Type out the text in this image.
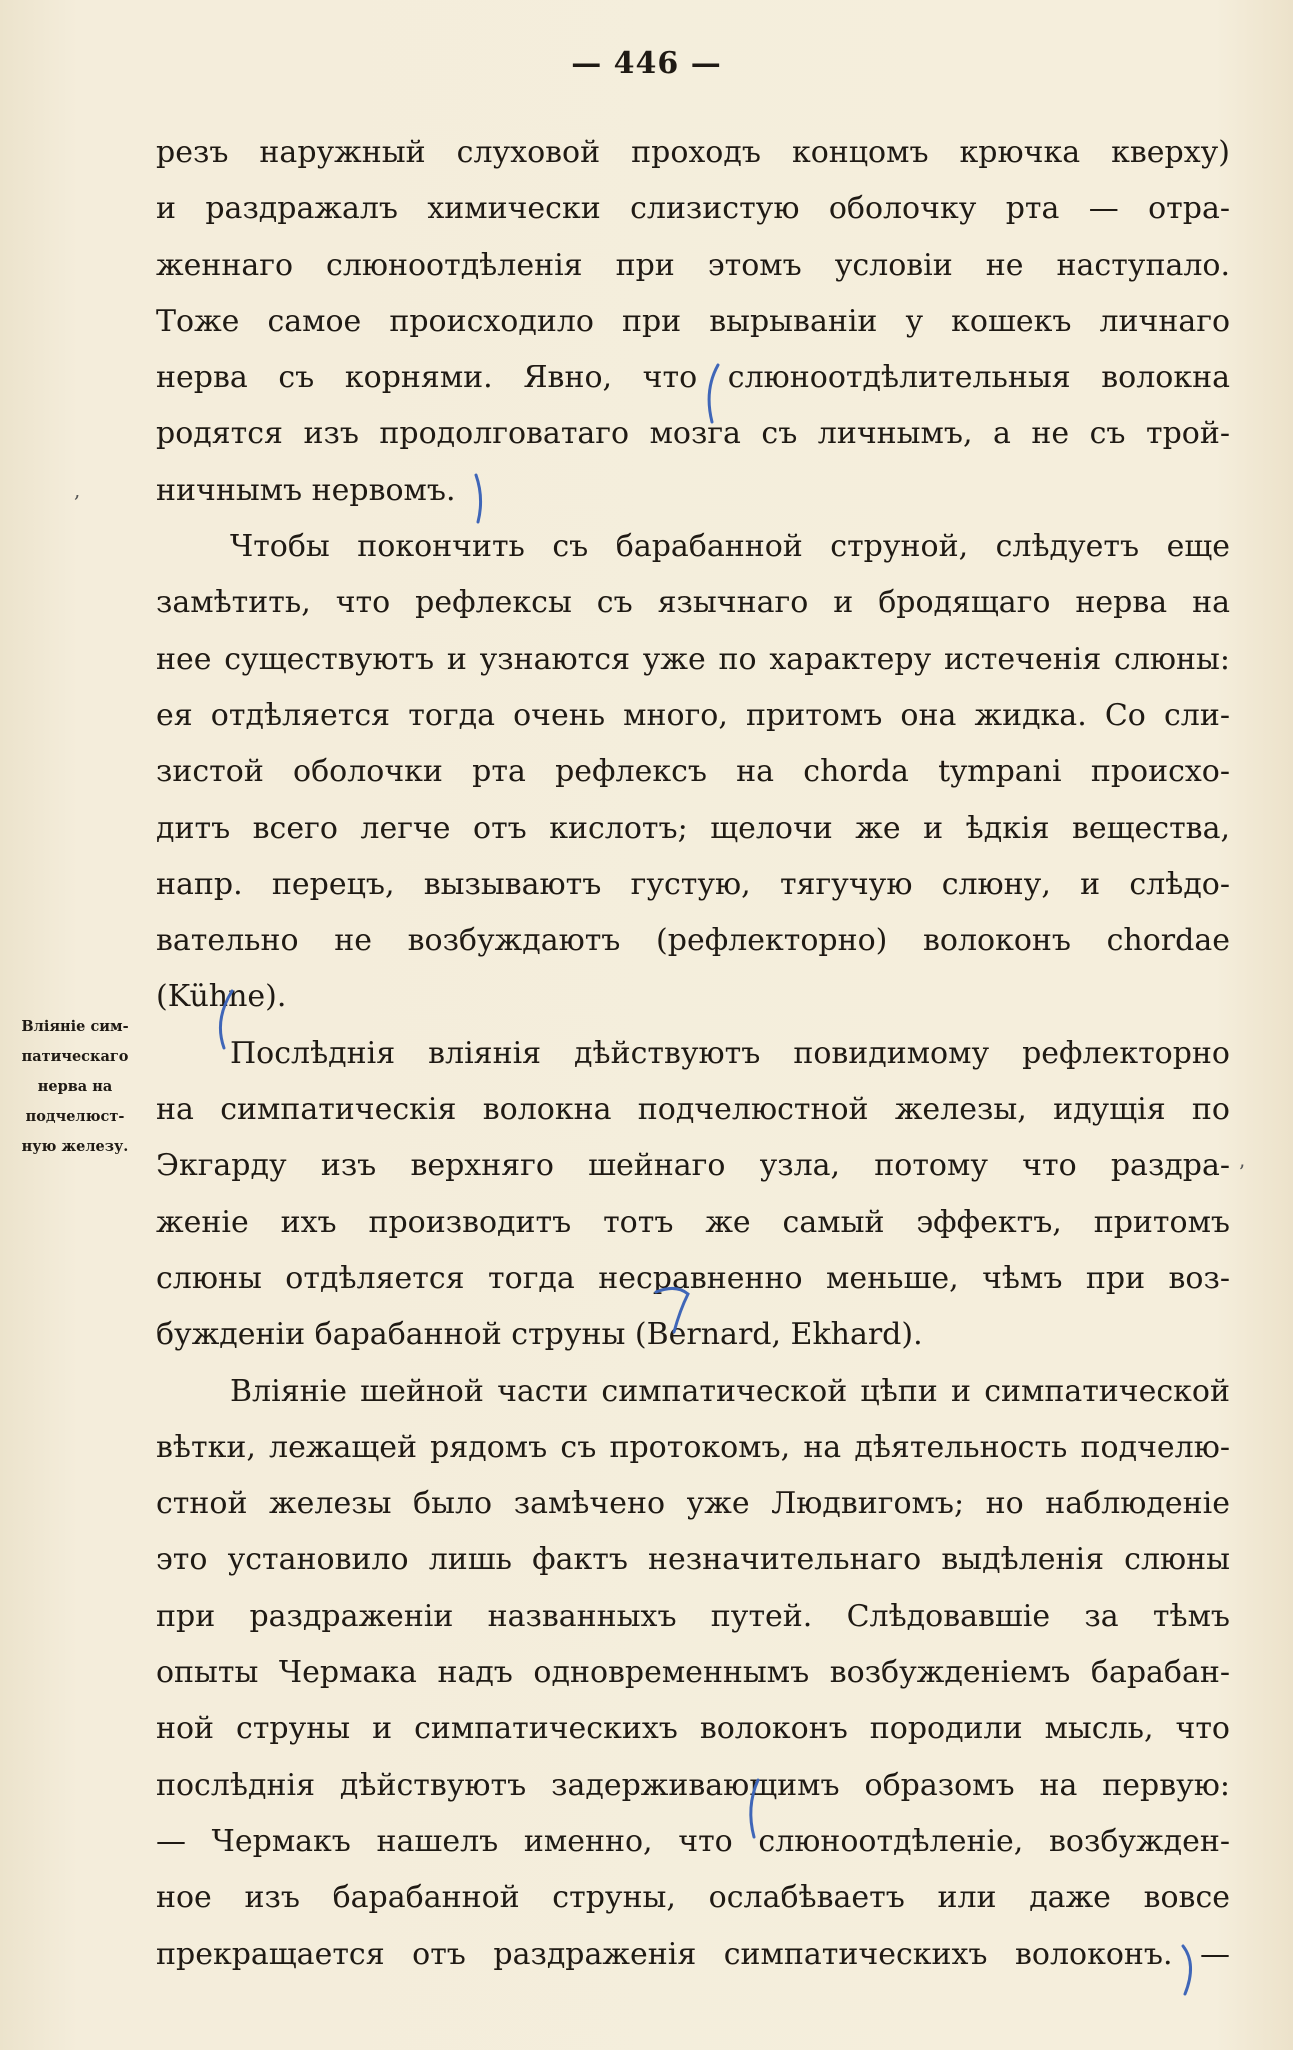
— 446 —
Вліяніе сим-
патическаго
нерва на
подчелюст-
ную железу.
резъ наружный слуховой проходъ концомъ крючка кверху)
и раздражалъ химически слизистую оболочку рта — отра-
женнаго слюноотдѣленія при этомъ условіи не наступало.
Тоже самое происходило при вырываніи у кошекъ личнаго
нерва съ корнями. Явно, что слюноотдѣлительныя волокна
родятся изъ продолговатаго мозга съ личнымъ, а не съ трой-
ничнымъ нервомъ.
Чтобы покончить съ барабанной струной, слѣдуетъ еще
замѣтить, что рефлексы съ язычнаго и бродящаго нерва на
нее существуютъ и узнаются уже по характеру истеченія слюны:
ея отдѣляется тогда очень много, притомъ она жидка. Со сли-
зистой оболочки рта рефлексъ на chorda tympani происхо-
дитъ всего легче отъ кислотъ; щелочи же и ѣдкія вещества,
напр. перецъ, вызываютъ густую, тягучую слюну, и слѣдо-
вательно не возбуждаютъ (рефлекторно) волоконъ chordae
(Kühne).
Послѣднія вліянія дѣйствуютъ повидимому рефлекторно
на симпатическія волокна подчелюстной железы, идущія по
Экгарду изъ верхняго шейнаго узла, потому что раздра-
женіе ихъ производитъ тотъ же самый эффектъ, притомъ
слюны отдѣляется тогда несравненно меньше, чѣмъ при воз-
бужденіи барабанной струны (Bernard, Ekhard).
Вліяніе шейной части симпатической цѣпи и симпатической
вѣтки, лежащей рядомъ съ протокомъ, на дѣятельность подчелю-
стной железы было замѣчено уже Людвигомъ; но наблюденіе
это установило лишь фактъ незначительнаго выдѣленія слюны
при раздраженіи названныхъ путей. Слѣдовавшіе за тѣмъ
опыты Чермака надъ одновременнымъ возбужденіемъ барабан-
ной струны и симпатическихъ волоконъ породили мысль, что
послѣднія дѣйствуютъ задерживающимъ образомъ на первую:
— Чермакъ нашелъ именно, что слюноотдѣленіе, возбужден-
ное изъ барабанной струны, ослабѣваетъ или даже вовсе
прекращается отъ раздраженія симпатическихъ волоконъ. —
,
ʼ
